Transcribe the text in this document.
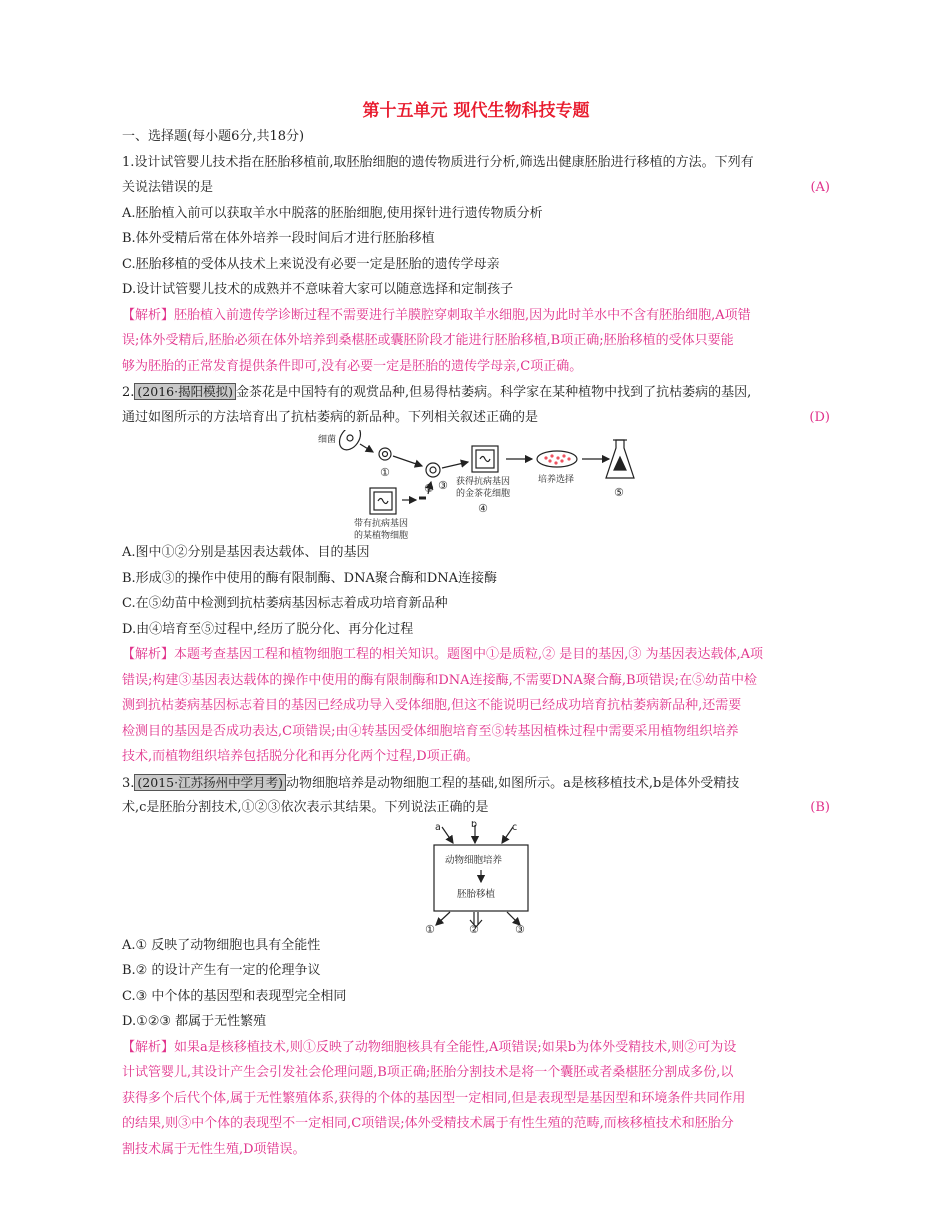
第十五单元 现代生物科技专题
一、选择题(每小题6分,共18分)
1.设计试管婴儿技术指在胚胎移植前,取胚胎细胞的遗传物质进行分析,筛选出健康胚胎进行移植的方法。下列有
关说法错误的是	(A)
A.胚胎植入前可以获取羊水中脱落的胚胎细胞,使用探针进行遗传物质分析
B.体外受精后常在体外培养一段时间后才进行胚胎移植
C.胚胎移植的受体从技术上来说没有必要一定是胚胎的遗传学母亲
D.设计试管婴儿技术的成熟并不意味着大家可以随意选择和定制孩子
【解析】胚胎植入前遗传学诊断过程不需要进行羊膜腔穿刺取羊水细胞,因为此时羊水中不含有胚胎细胞,A项错
误;体外受精后,胚胎必须在体外培养到桑椹胚或囊胚阶段才能进行胚胎移植,B项正确;胚胎移植的受体只要能
够为胚胎的正常发育提供条件即可,没有必要一定是胚胎的遗传学母亲,C项正确。
2. (2016·揭阳模拟) 金茶花是中国特有的观赏品种,但易得枯萎病。科学家在某种植物中找到了抗枯萎病的基因,
通过如图所示的方法培育出了抗枯萎病的新品种。下列相关叙述正确的是	(D)
细菌
①
② ③
带有抗病基因
的某植物细胞
获得抗病基因
的金茶花细胞
④
培养选择
⑤
A.图中①②分别是基因表达载体、目的基因
B.形成③的操作中使用的酶有限制酶、DNA聚合酶和DNA连接酶
C.在⑤幼苗中检测到抗枯萎病基因标志着成功培育新品种
D.由④培育至⑤过程中,经历了脱分化、再分化过程
【解析】本题考查基因工程和植物细胞工程的相关知识。题图中①是质粒,② 是目的基因,③ 为基因表达载体,A项
错误;构建③基因表达载体的操作中使用的酶有限制酶和DNA连接酶,不需要DNA聚合酶,B项错误;在⑤幼苗中检
测到抗枯萎病基因标志着目的基因已经成功导入受体细胞,但这不能说明已经成功培育抗枯萎病新品种,还需要
检测目的基因是否成功表达,C项错误;由④转基因受体细胞培育至⑤转基因植株过程中需要采用植物组织培养
技术,而植物组织培养包括脱分化和再分化两个过程,D项正确。
3. (2015·江苏扬州中学月考) 动物细胞培养是动物细胞工程的基础,如图所示。a是核移植技术,b是体外受精技
术,c是胚胎分割技术,①②③依次表示其结果。下列说法正确的是	(B)
a	b	c
动物细胞培养
胚胎移植
①	②	③
A.① 反映了动物细胞也具有全能性
B.② 的设计产生有一定的伦理争议
C.③ 中个体的基因型和表现型完全相同
D.①②③ 都属于无性繁殖
【解析】如果a是核移植技术,则①反映了动物细胞核具有全能性,A项错误;如果b为体外受精技术,则②可为设
计试管婴儿,其设计产生会引发社会伦理问题,B项正确;胚胎分割技术是将一个囊胚或者桑椹胚分割成多份,以
获得多个后代个体,属于无性繁殖体系,获得的个体的基因型一定相同,但是表现型是基因型和环境条件共同作用
的结果,则③中个体的表现型不一定相同,C项错误;体外受精技术属于有性生殖的范畴,而核移植技术和胚胎分
割技术属于无性生殖,D项错误。
